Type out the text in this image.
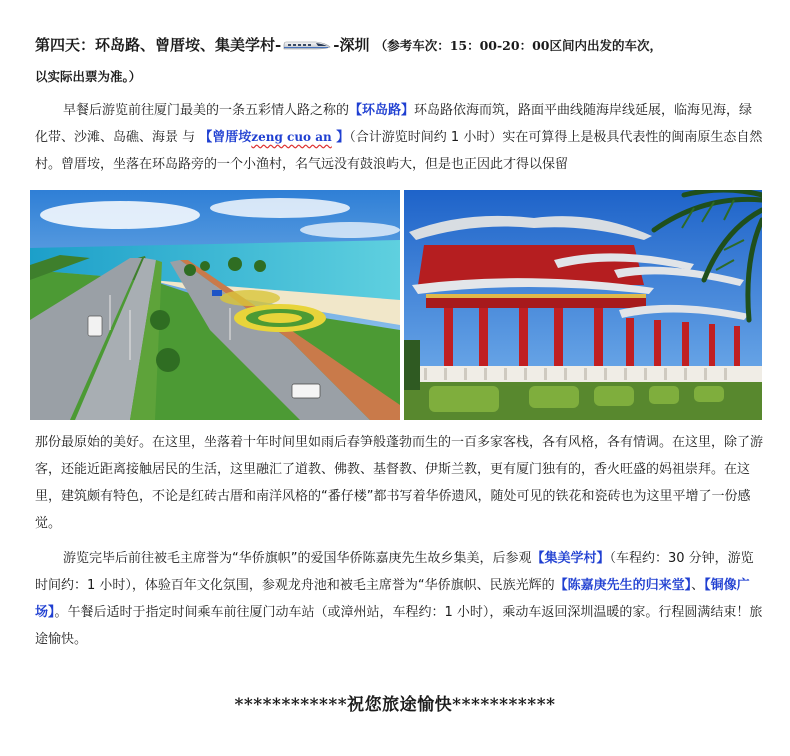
第四天：环岛路、曾厝垵、集美学村-	-深圳 （参考车次：15：00-20：00区间内出发的车次，
以实际出票为准。）
早餐后游览前往厦门最美的一条五彩情人路之称的【环岛路】环岛路依海而筑，路面平曲线随海岸线延展，临海见海，绿化带、沙滩、岛礁、海景 与 【曾厝垵zeng cuo an 】（合计游览时间约 1 小时）实在可算得上是极具代表性的闽南原生态自然村。曾厝垵，坐落在环岛路旁的一个小渔村，名气远没有鼓浪屿大，但是也正因此才得以保留
那份最原始的美好。在这里，坐落着十年时间里如雨后春笋般蓬勃而生的一百多家客栈，各有风格，各有情调。在这里，除了游客，还能近距离接触居民的生活，这里融汇了道教、佛教、基督教、伊斯兰教，更有厦门独有的，香火旺盛的妈祖崇拜。在这里，建筑颇有特色，不论是红砖古厝和南洋风格的“番仔楼”都书写着华侨遗风，随处可见的铁花和瓷砖也为这里平增了一份感觉。
游览完毕后前往被毛主席誉为“华侨旗帜”的爱国华侨陈嘉庚先生故乡集美，后参观【集美学村】（车程约：30 分钟，游览时间约：1 小时），体验百年文化氛围，参观龙舟池和被毛主席誉为“华侨旗帜、民族光辉的【陈嘉庚先生的归来堂】、【铜像广场】。午餐后适时于指定时间乘车前往厦门动车站（或漳州站，车程约：1 小时），乘动车返回深圳温暖的家。行程圆满结束！旅途愉快。
************祝您旅途愉快***********
